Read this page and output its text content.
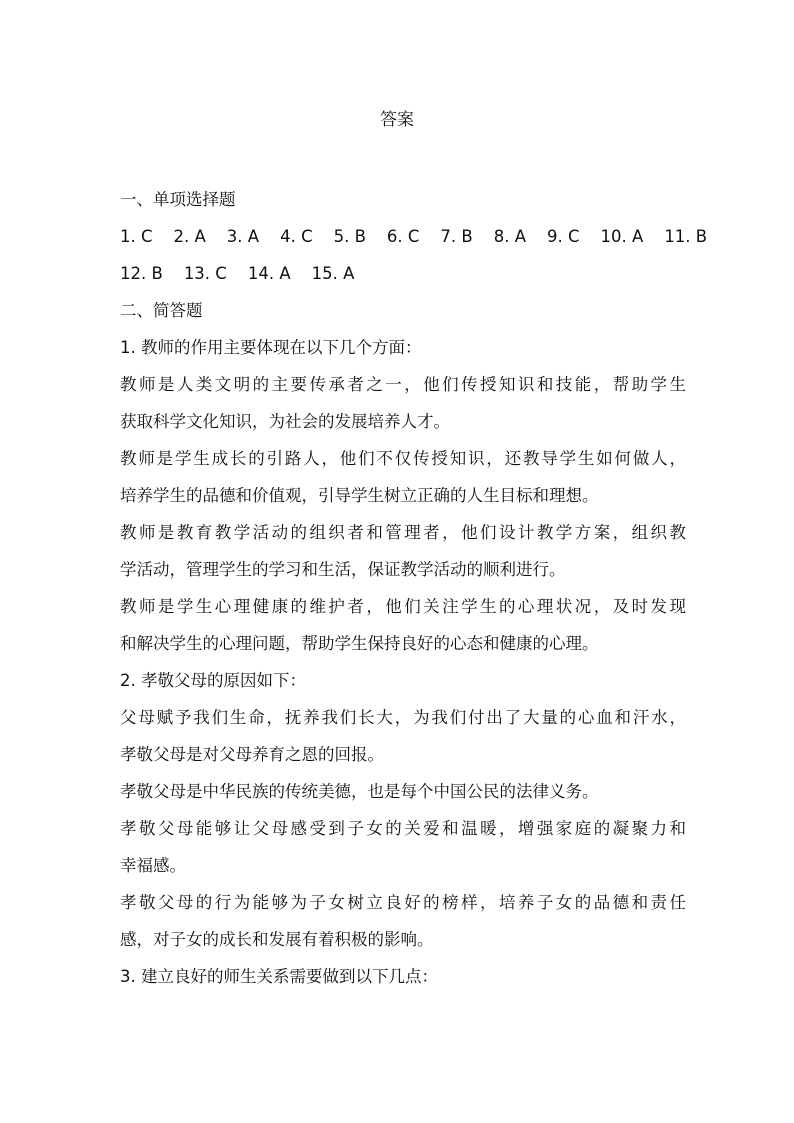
答案
一、单项选择题
1. C 2. A 3. A 4. C 5. B 6. C 7. B 8. A 9. C 10. A 11. B
12. B 13. C 14. A 15. A
二、简答题
1. 教师的作用主要体现在以下几个方面：
教师是人类文明的主要传承者之一，他们传授知识和技能，帮助学生
获取科学文化知识，为社会的发展培养人才。
教师是学生成长的引路人，他们不仅传授知识，还教导学生如何做人，
培养学生的品德和价值观，引导学生树立正确的人生目标和理想。
教师是教育教学活动的组织者和管理者，他们设计教学方案，组织教
学活动，管理学生的学习和生活，保证教学活动的顺利进行。
教师是学生心理健康的维护者，他们关注学生的心理状况，及时发现
和解决学生的心理问题，帮助学生保持良好的心态和健康的心理。
2. 孝敬父母的原因如下：
父母赋予我们生命，抚养我们长大，为我们付出了大量的心血和汗水，
孝敬父母是对父母养育之恩的回报。
孝敬父母是中华民族的传统美德，也是每个中国公民的法律义务。
孝敬父母能够让父母感受到子女的关爱和温暖，增强家庭的凝聚力和
幸福感。
孝敬父母的行为能够为子女树立良好的榜样，培养子女的品德和责任
感，对子女的成长和发展有着积极的影响。
3. 建立良好的师生关系需要做到以下几点：
